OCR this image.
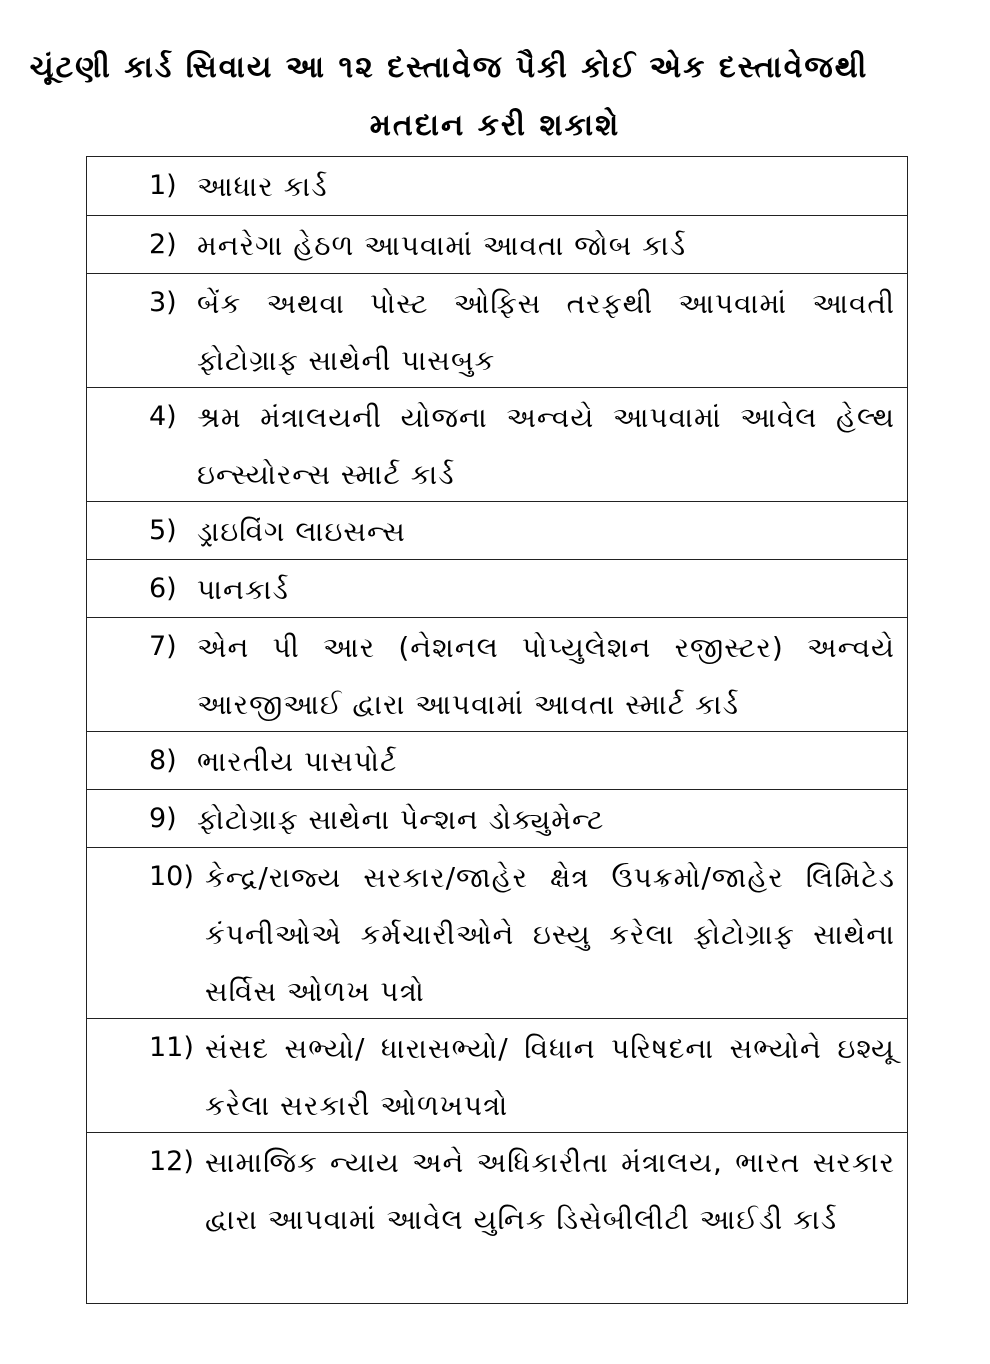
ચૂંટણી કાર્ડ સિવાય આ ૧૨ દસ્તાવેજ પૈકી કોઈ એક દસ્તાવેજથી
મતદાન કરી શકાશે
1) આધાર કાર્ડ
2) મનરેગા હેઠળ આપવામાં આવતા જોબ કાર્ડ
3) બેંક અથવા પોસ્ટ ઓફિસ તરફથી આપવામાં આવતી ફોટોગ્રાફ સાથેની પાસબુક
4) શ્રમ મંત્રાલયની યોજના અન્વયે આપવામાં આવેલ હેલ્થ ઇન્સ્યોરન્સ સ્માર્ટ કાર્ડ
5) ડ્રાઇવિંગ લાઇસન્સ
6) પાનકાર્ડ
7) એન પી આર (નેશનલ પોપ્યુલેશન રજીસ્ટર) અન્વયે આરજીઆઈ દ્વારા આપવામાં આવતા સ્માર્ટ કાર્ડ
8) ભારતીય પાસપોર્ટ
9) ફોટોગ્રાફ સાથેના પેન્શન ડોક્યુમેન્ટ
10) કેન્દ્ર/રાજ્ય સરકાર/જાહેર ક્ષેત્ર ઉપક્રમો/જાહેર લિમિટેડ કંપનીઓએ કર્મચારીઓને ઇસ્યુ કરેલા ફોટોગ્રાફ સાથેના સર્વિસ ઓળખ પત્રો
11) સંસદ સભ્યો/ ધારાસભ્યો/ વિધાન પરિષદના સભ્યોને ઇશ્યૂ કરેલા સરકારી ઓળખપત્રો
12) સામાજિક ન્યાય અને અધિકારીતા મંત્રાલય, ભારત સરકાર દ્વારા આપવામાં આવેલ યુનિક ડિસેબીલીટી આઈડી કાર્ડ
